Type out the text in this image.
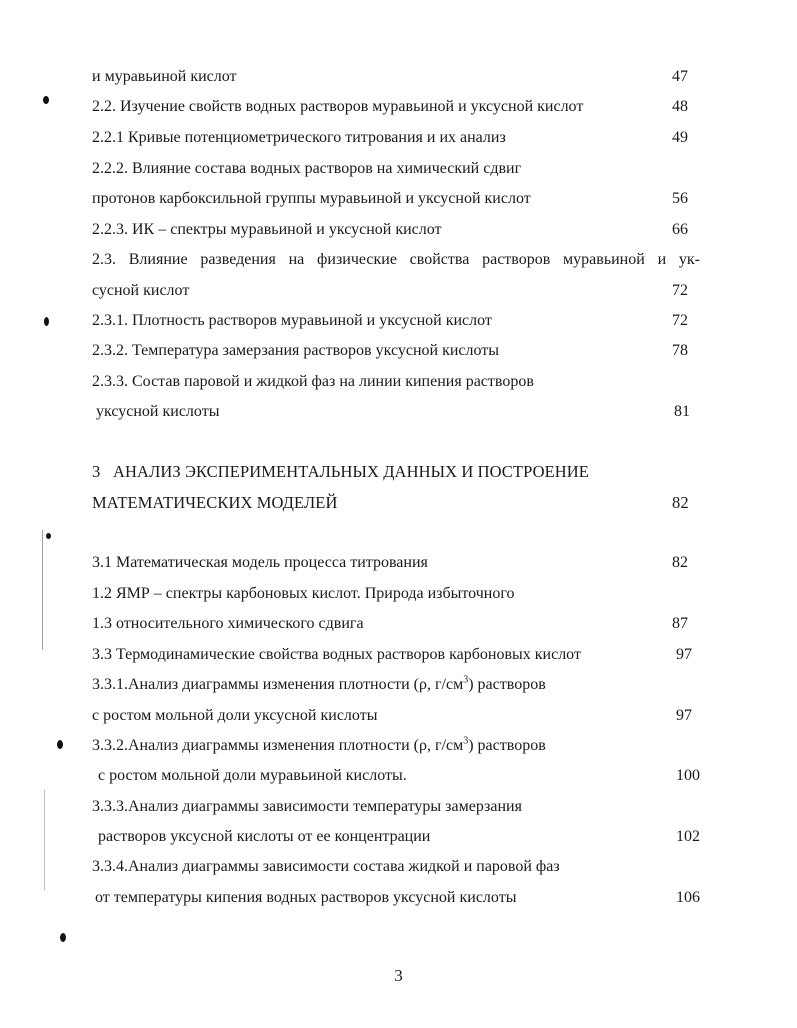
и муравьиной кислот	47
2.2. Изучение свойств водных растворов муравьиной и уксусной кислот	48
2.2.1 Кривые потенциометрического титрования и их анализ	49
2.2.2. Влияние состава водных растворов на химический сдвиг
протонов карбоксильной группы муравьиной и уксусной кислот	56
2.2.3. ИК – спектры муравьиной и уксусной кислот	66
2.3. Влияние разведения на физические свойства растворов муравьиной и ук-
сусной кислот	72
2.3.1. Плотность растворов муравьиной и уксусной кислот	72
2.3.2. Температура замерзания растворов уксусной кислоты	78
2.3.3. Состав паровой и жидкой фаз на линии кипения растворов
уксусной кислоты	81
3   АНАЛИЗ ЭКСПЕРИМЕНТАЛЬНЫХ ДАННЫХ И ПОСТРОЕНИЕ
МАТЕМАТИЧЕСКИХ МОДЕЛЕЙ	82
3.1 Математическая модель процесса титрования	82
1.2 ЯМР – спектры карбоновых кислот. Природа избыточного
1.3 относительного химического сдвига	87
3.3 Термодинамические свойства водных растворов карбоновых кислот	97
3.3.1.Анализ диаграммы изменения плотности (ρ, $г/см^3$) растворов
с ростом мольной доли уксусной кислоты	97
3.3.2.Анализ диаграммы изменения плотности (ρ, $г/см^3$) растворов
с ростом мольной доли муравьиной кислоты.	100
3.3.3.Анализ диаграммы зависимости температуры замерзания
растворов уксусной кислоты от ее концентрации	102
3.3.4.Анализ диаграммы зависимости состава жидкой и паровой фаз
от температуры кипения водных растворов уксусной кислоты	106
3
